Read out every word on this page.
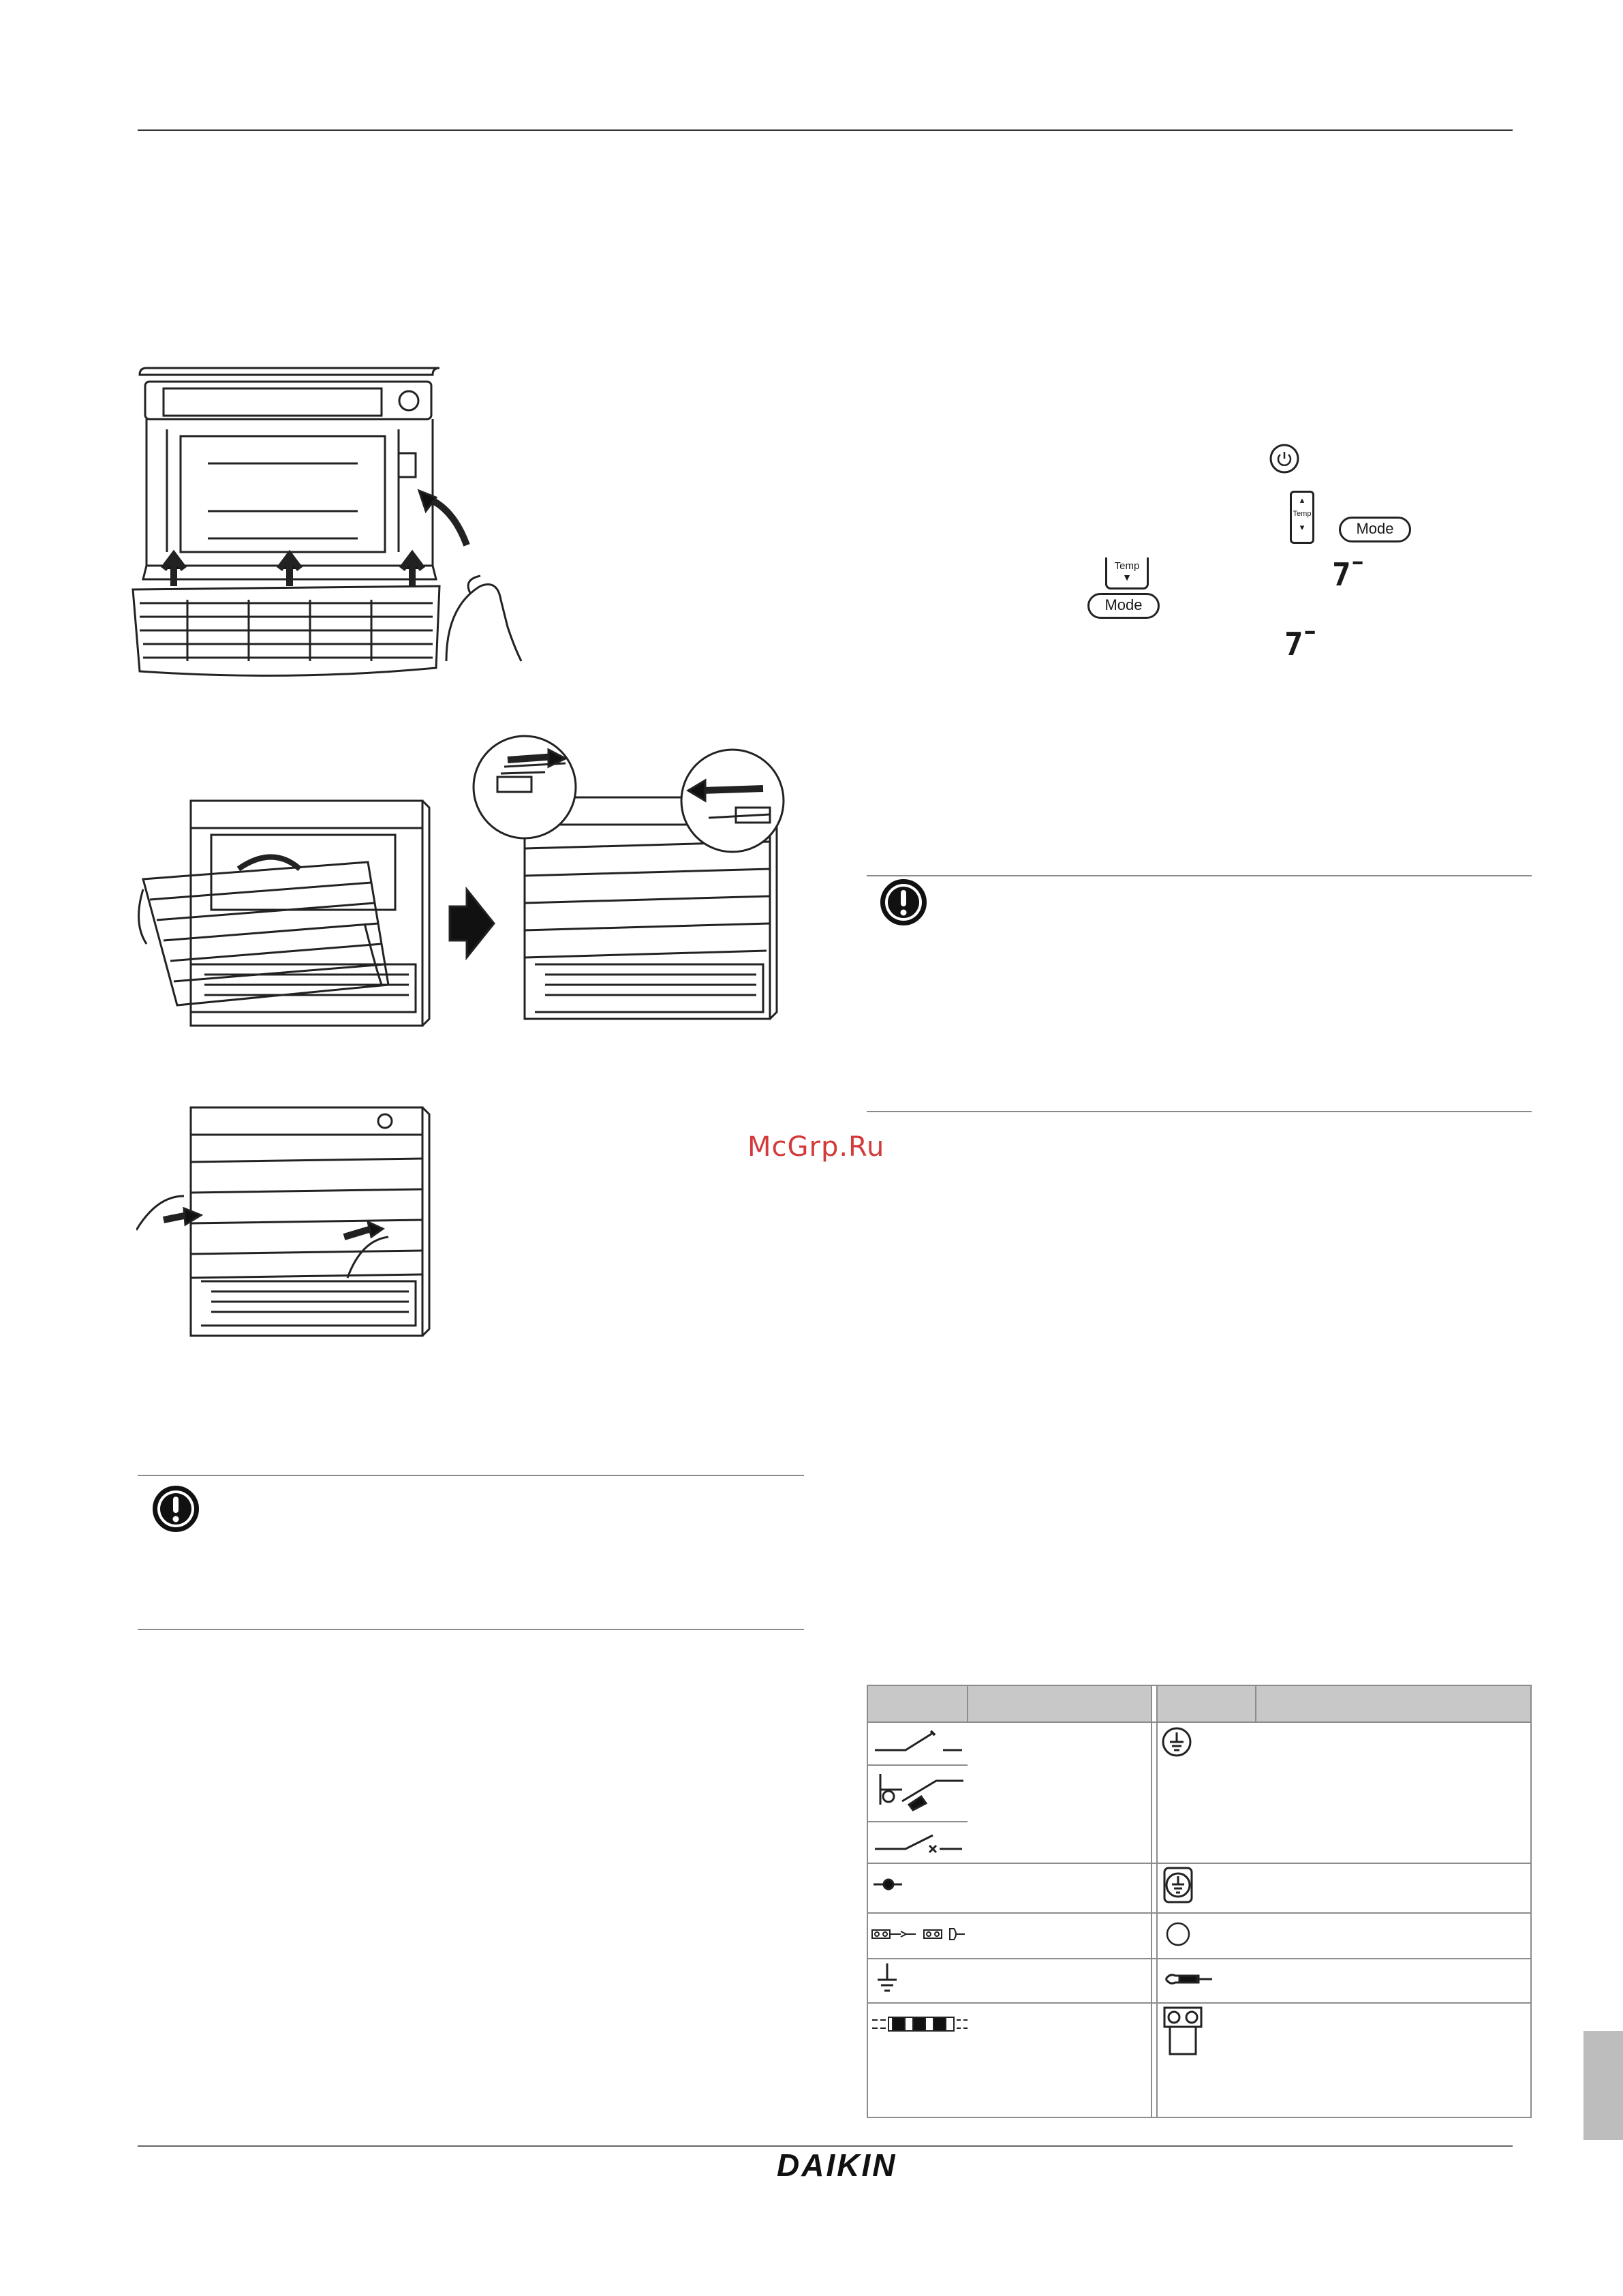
▴
Temp
▾	Mode
Temp
▼	7¯
Mode
7¯
McGrp.Ru

DAIKIN
